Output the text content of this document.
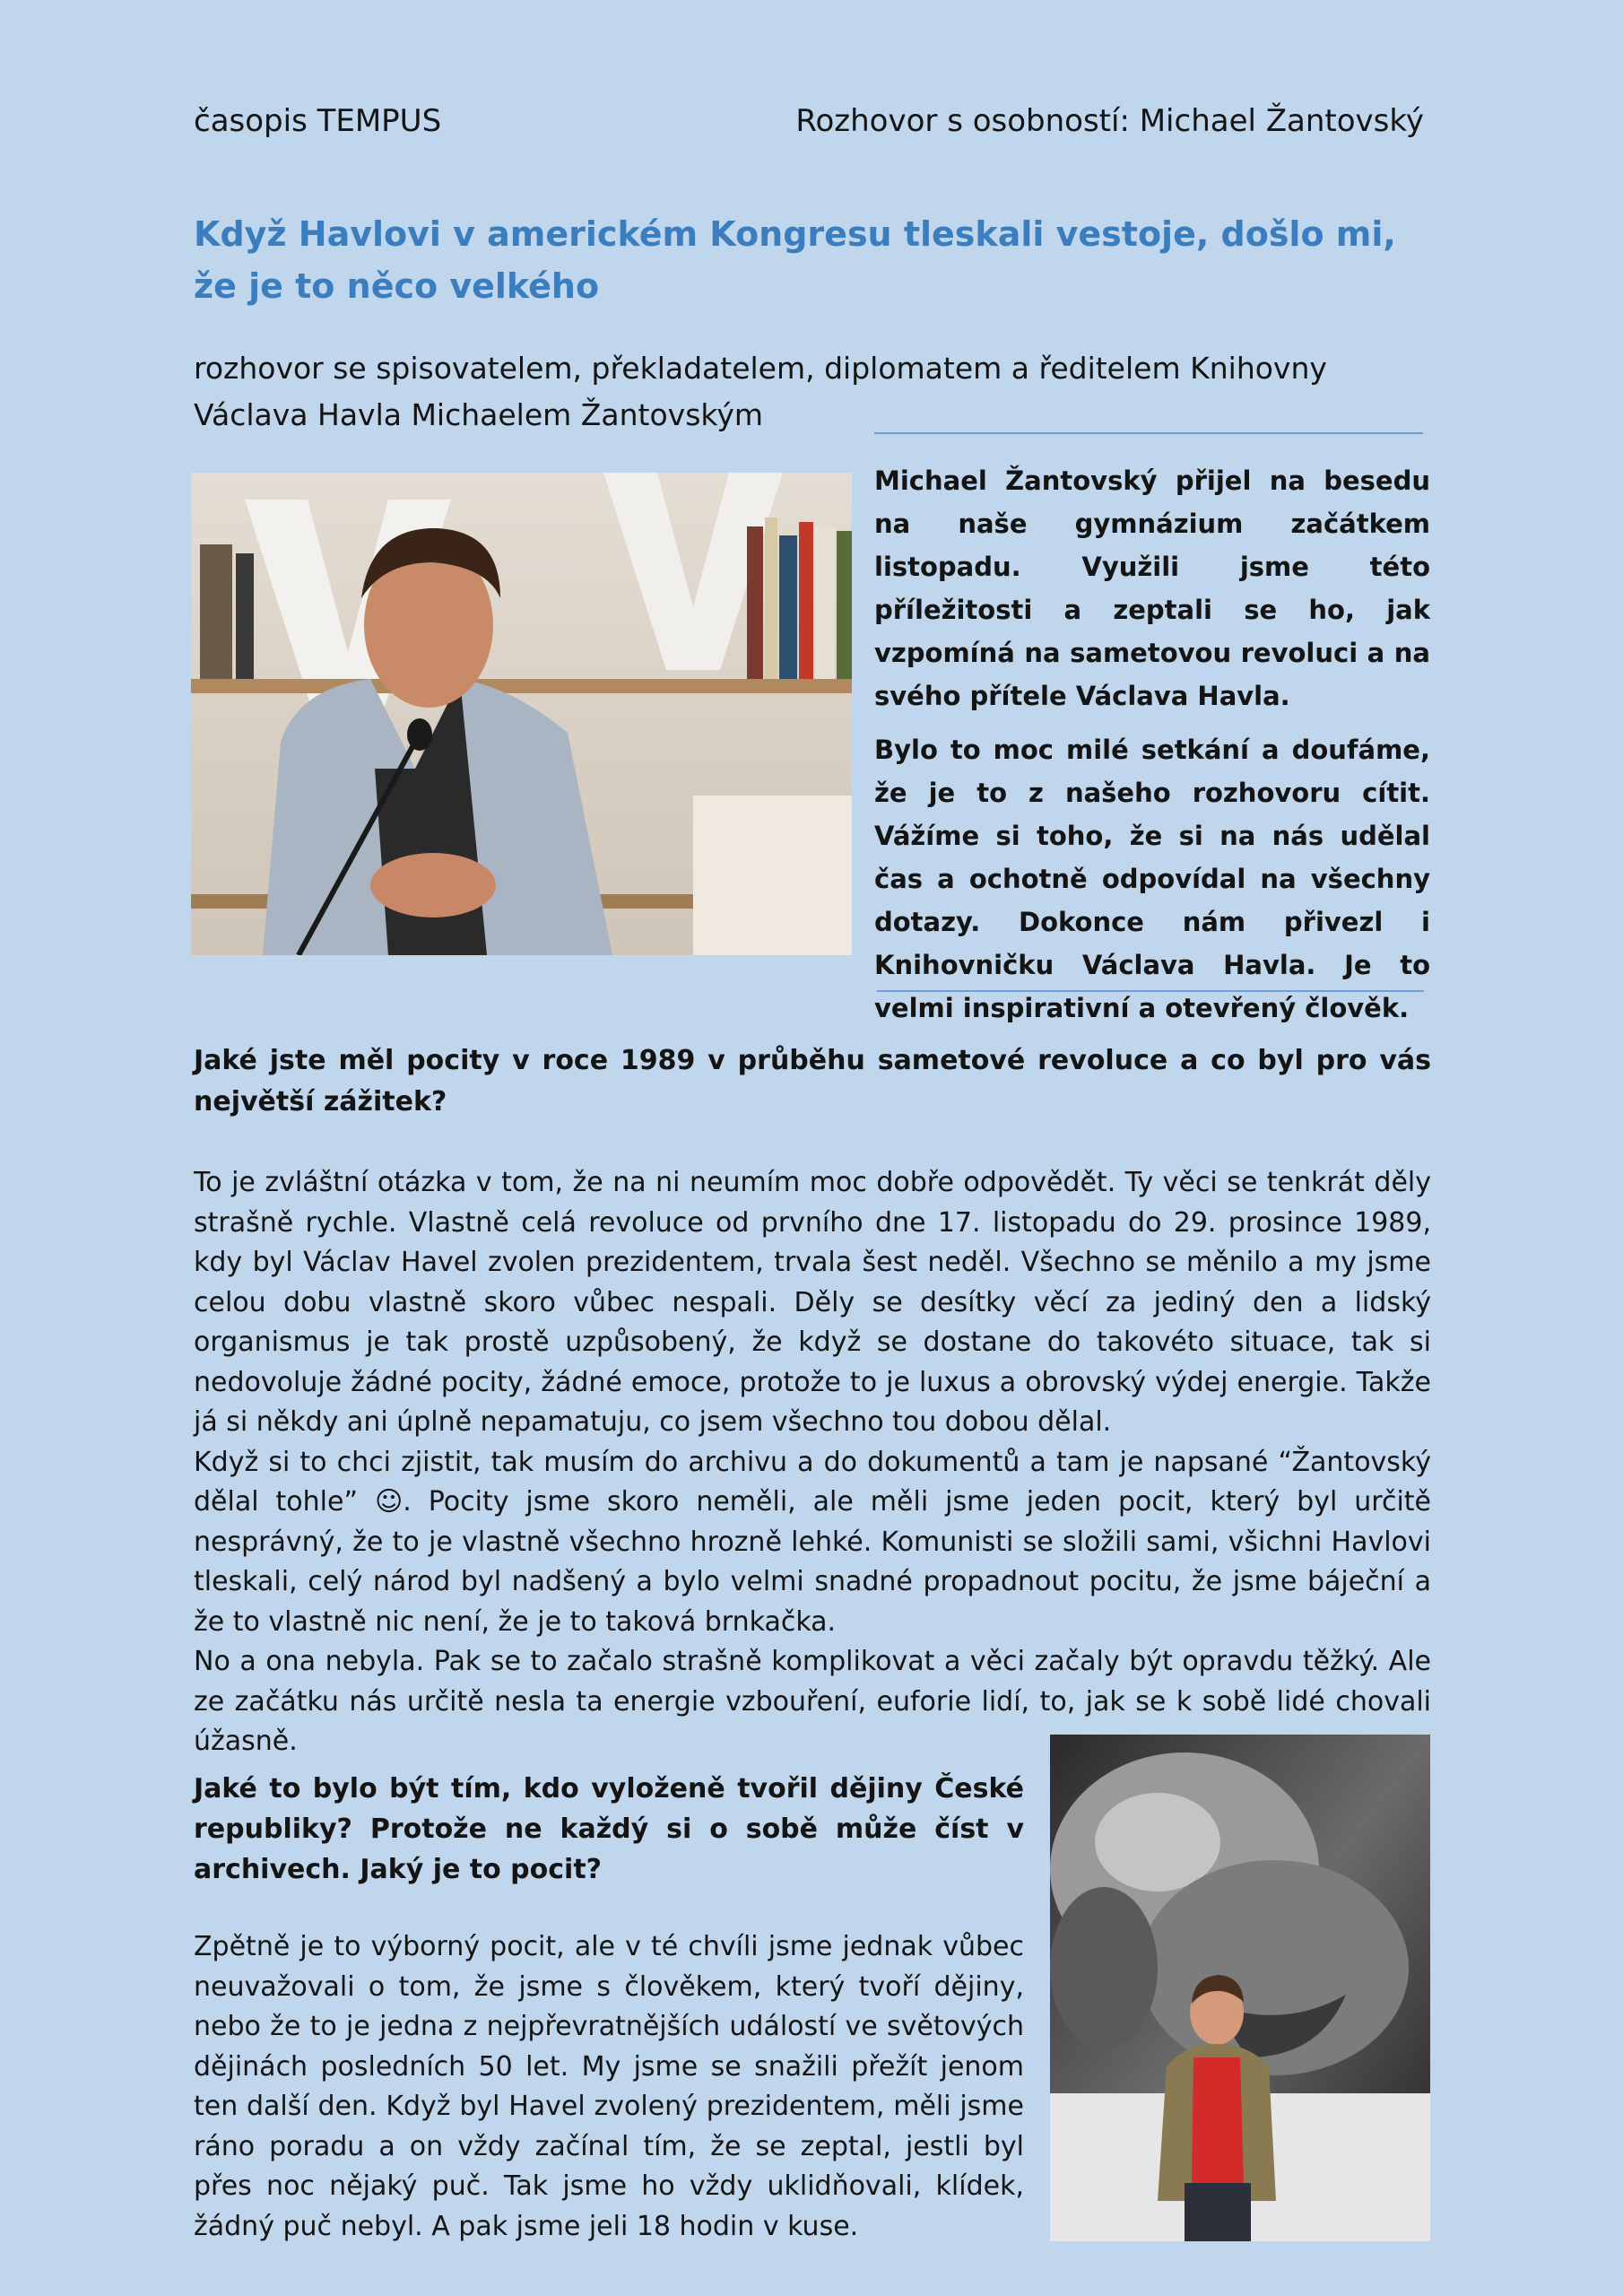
časopis TEMPUS	Rozhovor s osobností: Michael Žantovský
Když Havlovi v americkém Kongresu tleskali vestoje, došlo mi, že je to něco velkého
rozhovor se spisovatelem, překladatelem, diplomatem a ředitelem Knihovny Václava Havla Michaelem Žantovským

Michael Žantovský přijel na besedu na naše gymnázium začátkem listopadu. Využili jsme této příležitosti a zeptali se ho, jak vzpomíná na sametovou revoluci a na svého přítele Václava Havla.

Bylo to moc milé setkání a doufáme, že je to z našeho rozhovoru cítit. Vážíme si toho, že si na nás udělal čas a ochotně odpovídal na všechny dotazy. Dokonce nám přivezl i Knihovničku Václava Havla. Je to velmi inspirativní a otevřený člověk.

Jaké jste měl pocity v roce 1989 v průběhu sametové revoluce a co byl pro vás největší zážitek?

To je zvláštní otázka v tom, že na ni neumím moc dobře odpovědět. Ty věci se tenkrát děly strašně rychle. Vlastně celá revoluce od prvního dne 17. listopadu do 29. prosince 1989, kdy byl Václav Havel zvolen prezidentem, trvala šest neděl. Všechno se měnilo a my jsme celou dobu vlastně skoro vůbec nespali. Děly se desítky věcí za jediný den a lidský organismus je tak prostě uzpůsobený, že když se dostane do takovéto situace, tak si nedovoluje žádné pocity, žádné emoce, protože to je luxus a obrovský výdej energie. Takže já si někdy ani úplně nepamatuju, co jsem všechno tou dobou dělal.

Když si to chci zjistit, tak musím do archivu a do dokumentů a tam je napsané “Žantovský dělal tohle” ☺. Pocity jsme skoro neměli, ale měli jsme jeden pocit, který byl určitě nesprávný, že to je vlastně všechno hrozně lehké. Komunisti se složili sami, všichni Havlovi tleskali, celý národ byl nadšený a bylo velmi snadné propadnout pocitu, že jsme báječní a že to vlastně nic není, že je to taková brnkačka.

No a ona nebyla. Pak se to začalo strašně komplikovat a věci začaly být opravdu těžký. Ale ze začátku nás určitě nesla ta energie vzbouření, euforie lidí, to, jak se k sobě lidé chovali úžasně.

Jaké to bylo být tím, kdo vyloženě tvořil dějiny České republiky? Protože ne každý si o sobě může číst v archivech. Jaký je to pocit?

Zpětně je to výborný pocit, ale v té chvíli jsme jednak vůbec neuvažovali o tom, že jsme s člověkem, který tvoří dějiny, nebo že to je jedna z nejpřevratnějších událostí ve světových dějinách posledních 50 let. My jsme se snažili přežít jenom ten další den. Když byl Havel zvolený prezidentem, měli jsme ráno poradu a on vždy začínal tím, že se zeptal, jestli byl přes noc nějaký puč. Tak jsme ho vždy uklidňovali, klídek, žádný puč nebyl. A pak jsme jeli 18 hodin v kuse.
